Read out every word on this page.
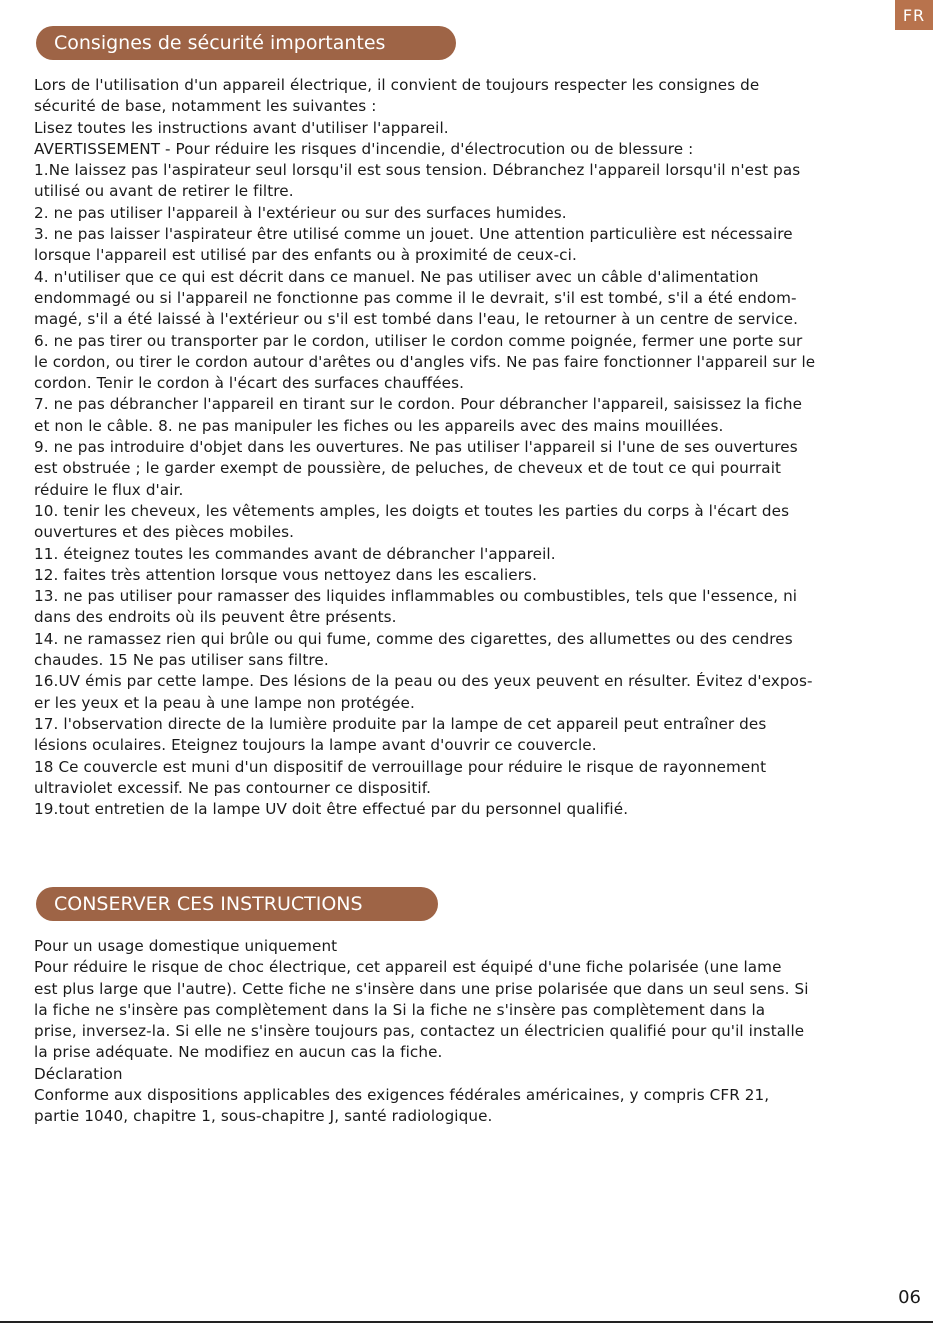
FR
Consignes de sécurité importantes
Lors de l'utilisation d'un appareil électrique, il convient de toujours respecter les consignes de
sécurité de base, notamment les suivantes :
Lisez toutes les instructions avant d'utiliser l'appareil.
AVERTISSEMENT - Pour réduire les risques d'incendie, d'électrocution ou de blessure :
1.Ne laissez pas l'aspirateur seul lorsqu'il est sous tension. Débranchez l'appareil lorsqu'il n'est pas
utilisé ou avant de retirer le filtre.
2. ne pas utiliser l'appareil à l'extérieur ou sur des surfaces humides.
3. ne pas laisser l'aspirateur être utilisé comme un jouet. Une attention particulière est nécessaire
lorsque l'appareil est utilisé par des enfants ou à proximité de ceux-ci.
4. n'utiliser que ce qui est décrit dans ce manuel. Ne pas utiliser avec un câble d'alimentation
endommagé ou si l'appareil ne fonctionne pas comme il le devrait, s'il est tombé, s'il a été endom-
magé, s'il a été laissé à l'extérieur ou s'il est tombé dans l'eau, le retourner à un centre de service.
6. ne pas tirer ou transporter par le cordon, utiliser le cordon comme poignée, fermer une porte sur
le cordon, ou tirer le cordon autour d'arêtes ou d'angles vifs. Ne pas faire fonctionner l'appareil sur le
cordon. Tenir le cordon à l'écart des surfaces chauffées.
7. ne pas débrancher l'appareil en tirant sur le cordon. Pour débrancher l'appareil, saisissez la fiche
et non le câble. 8. ne pas manipuler les fiches ou les appareils avec des mains mouillées.
9. ne pas introduire d'objet dans les ouvertures. Ne pas utiliser l'appareil si l'une de ses ouvertures
est obstruée ; le garder exempt de poussière, de peluches, de cheveux et de tout ce qui pourrait
réduire le flux d'air.
10. tenir les cheveux, les vêtements amples, les doigts et toutes les parties du corps à l'écart des
ouvertures et des pièces mobiles.
11. éteignez toutes les commandes avant de débrancher l'appareil.
12. faites très attention lorsque vous nettoyez dans les escaliers.
13. ne pas utiliser pour ramasser des liquides inflammables ou combustibles, tels que l'essence, ni
dans des endroits où ils peuvent être présents.
14. ne ramassez rien qui brûle ou qui fume, comme des cigarettes, des allumettes ou des cendres
chaudes. 15 Ne pas utiliser sans filtre.
16.UV émis par cette lampe. Des lésions de la peau ou des yeux peuvent en résulter. Évitez d'expos-
er les yeux et la peau à une lampe non protégée.
17. l'observation directe de la lumière produite par la lampe de cet appareil peut entraîner des
lésions oculaires. Eteignez toujours la lampe avant d'ouvrir ce couvercle.
18 Ce couvercle est muni d'un dispositif de verrouillage pour réduire le risque de rayonnement
ultraviolet excessif. Ne pas contourner ce dispositif.
19.tout entretien de la lampe UV doit être effectué par du personnel qualifié.
CONSERVER CES INSTRUCTIONS
Pour un usage domestique uniquement
Pour réduire le risque de choc électrique, cet appareil est équipé d'une fiche polarisée (une lame
est plus large que l'autre). Cette fiche ne s'insère dans une prise polarisée que dans un seul sens. Si
la fiche ne s'insère pas complètement dans la Si la fiche ne s'insère pas complètement dans la
prise, inversez-la. Si elle ne s'insère toujours pas, contactez un électricien qualifié pour qu'il installe
la prise adéquate. Ne modifiez en aucun cas la fiche.
Déclaration
Conforme aux dispositions applicables des exigences fédérales américaines, y compris CFR 21,
partie 1040, chapitre 1, sous-chapitre J, santé radiologique.
06
